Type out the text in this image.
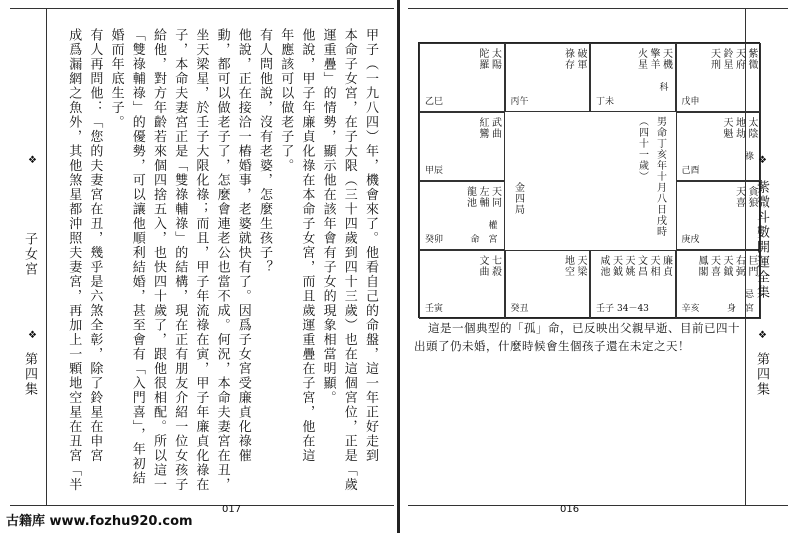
甲子（一九八四）年，機會來了。他看自己的命盤，這一年正好走到
本命子女宮，在子大限（三十四歲到四十三歲）也在這個宮位，正是「歲
運重疊」的情勢，顯示他在該年會有子女的現象相當明顯。
他說，甲子年廉貞化祿在本命子女宮，而且歲運重疊在子宮，他在這
年應該可以做老子了。
有人問他說，沒有老婆，怎麼生孩子？
他說，正在接洽一樁婚事，老婆就快有了。因爲子女宮受廉貞化祿催
動，都可以做老子了，怎麼會連老公也當不成。何況，本命夫妻宮在丑，
坐天梁星，於壬子大限化祿；而且，甲子年流祿在寅，甲子年廉貞化祿在
子，本命夫妻宮正是「雙祿輔祿」的結構，現在正有朋友介紹一位女孩子
給他，對方年齡若來個四捨五入，也快四十歲了，跟他很相配。所以這一
「雙祿輔祿」的優勢，可以讓他順利結婚，甚至會有「入門喜」，年初結
婚而年底生子。
有人再問他：「您的夫妻宮在丑，幾乎是六煞全彰，除了鈴星在申宮
成爲漏網之魚外，其他煞星都沖照夫妻宮，再加上一顆地空星在丑宮「半
❖
子女宮
❖
第四集
017
男命丁亥年十月八日戌時
（四十一歲）
金四局
太陽
陀羅
乙巳
破軍
祿存
丙午
天機
擎羊
火星
科
丁未
紫微
天府
鈴星
天刑
戊申
武曲
紅鸞
甲辰
太陰
地劫
天魁
祿
己酉
天同
左輔
龍池
權
命　宮
癸卯
貪狼
天喜
庚戌
七殺
文曲
壬寅
天梁
地空
癸丑
廉貞
天相
文昌
天姚
天鉞
咸池
34－43
壬子
巨門
右弼
天鉞
天喜
鳳閣
忌
身　宮
辛亥
這是一個典型的「孤」命，已反映出父親早逝、目前已四十
出頭了仍未婚，什麼時候會生個孩子還在未定之天！
❖
紫微斗數開運全集
❖
第四集
016
古籍库 www.fozhu920.com
